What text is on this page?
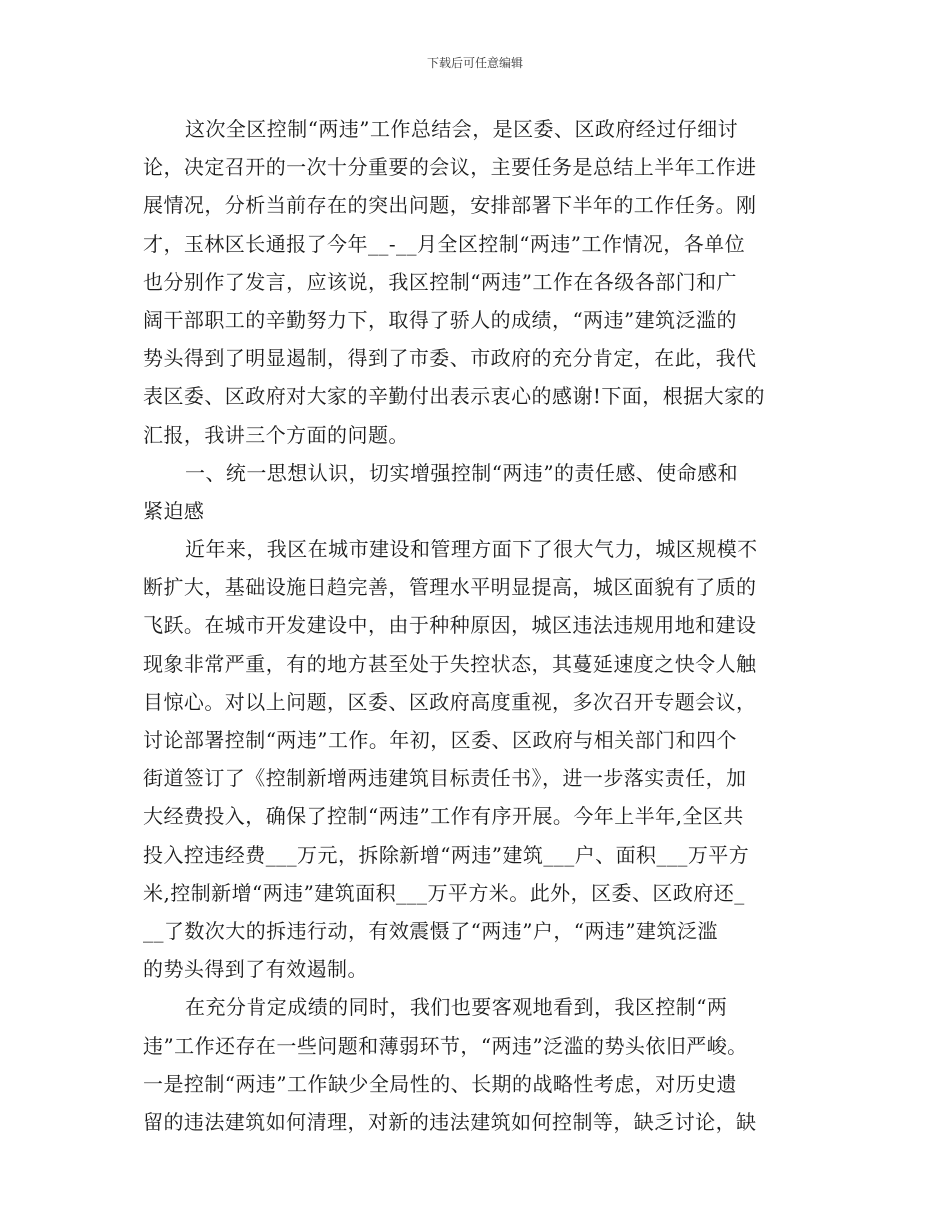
下载后可任意编辑
这次全区控制“两违”工作总结会，是区委、区政府经过仔细讨
论，决定召开的一次十分重要的会议，主要任务是总结上半年工作进
展情况，分析当前存在的突出问题，安排部署下半年的工作任务。刚
才，玉林区长通报了今年__-__月全区控制“两违”工作情况，各单位
也分别作了发言，应该说，我区控制“两违”工作在各级各部门和广
阔干部职工的辛勤努力下，取得了骄人的成绩，“两违”建筑泛滥的
势头得到了明显遏制，得到了市委、市政府的充分肯定，在此，我代
表区委、区政府对大家的辛勤付出表示衷心的感谢!下面，根据大家的
汇报，我讲三个方面的问题。
一、统一思想认识，切实增强控制“两违”的责任感、使命感和
紧迫感
近年来，我区在城市建设和管理方面下了很大气力，城区规模不
断扩大，基础设施日趋完善，管理水平明显提高，城区面貌有了质的
飞跃。在城市开发建设中，由于种种原因，城区违法违规用地和建设
现象非常严重，有的地方甚至处于失控状态，其蔓延速度之快令人触
目惊心。对以上问题，区委、区政府高度重视，多次召开专题会议，
讨论部署控制“两违”工作。年初，区委、区政府与相关部门和四个
街道签订了《控制新增两违建筑目标责任书》，进一步落实责任，加
大经费投入，确保了控制“两违”工作有序开展。今年上半年,全区共
投入控违经费___万元，拆除新增“两违”建筑___户、面积___万平方
米,控制新增“两违”建筑面积___万平方米。此外，区委、区政府还_
__了数次大的拆违行动，有效震慑了“两违”户，“两违”建筑泛滥
的势头得到了有效遏制。
在充分肯定成绩的同时，我们也要客观地看到，我区控制“两
违”工作还存在一些问题和薄弱环节，“两违”泛滥的势头依旧严峻。
一是控制“两违”工作缺少全局性的、长期的战略性考虑，对历史遗
留的违法建筑如何清理，对新的违法建筑如何控制等，缺乏讨论，缺
